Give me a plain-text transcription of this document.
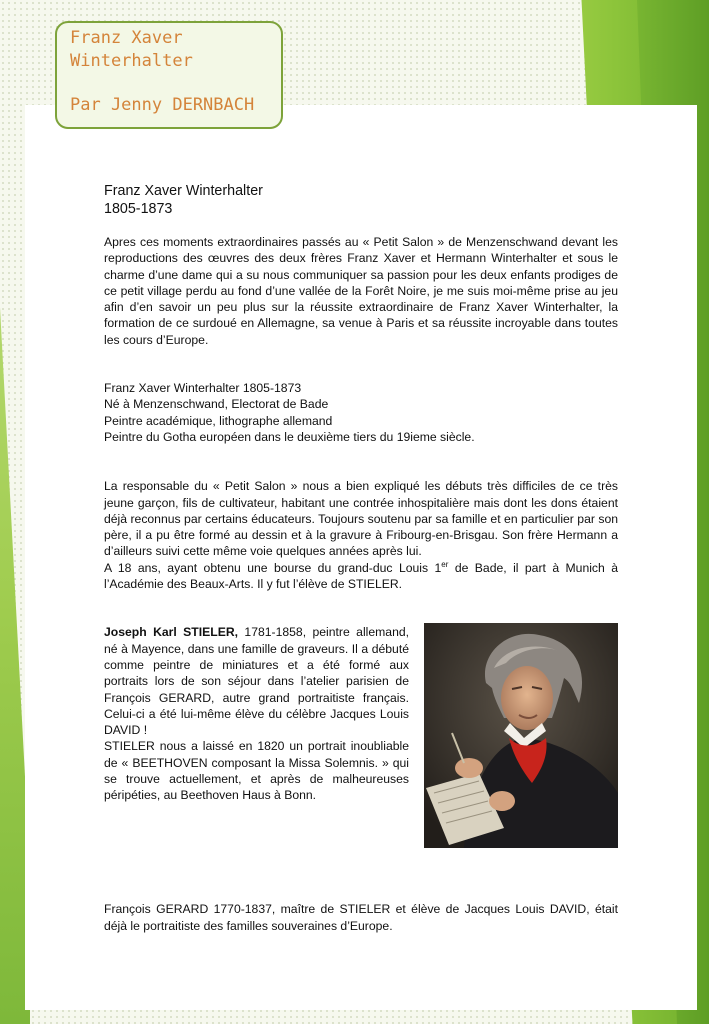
Franz Xaver
Winterhalter
Par Jenny DERNBACH
Franz Xaver Winterhalter
1805-1873

Apres ces moments extraordinaires passés au « Petit Salon » de Menzenschwand devant les reproductions des œuvres des deux frères Franz Xaver et Hermann Winterhalter et sous le charme d’une dame qui a su nous communiquer sa passion pour les deux enfants prodiges de ce petit village perdu au fond d’une vallée de la Forêt Noire, je me suis moi-même prise au jeu afin d’en savoir un peu plus sur la réussite extraordinaire de Franz Xaver Winterhalter, la formation de ce surdoué en Allemagne, sa venue à Paris et sa réussite incroyable dans toutes les cours d’Europe.

Franz Xaver Winterhalter 1805-1873
Né à Menzenschwand, Electorat de Bade
Peintre académique, lithographe allemand
Peintre du Gotha européen dans le deuxième tiers du 19ieme siècle.

La responsable du « Petit Salon » nous a bien expliqué les débuts très difficiles de ce très jeune garçon, fils de cultivateur, habitant une contrée inhospitalière mais dont les dons étaient déjà reconnus par certains éducateurs. Toujours soutenu par sa famille et en particulier par son père, il a pu être formé au dessin et à la gravure à Fribourg-en-Brisgau. Son frère Hermann a d’ailleurs suivi cette même voie quelques années après lui.

A 18 ans, ayant obtenu une bourse du grand-duc Louis 1er de Bade, il part à Munich à l’Académie des Beaux-Arts. Il y fut l’élève de STIELER.

Joseph Karl STIELER, 1781-1858, peintre allemand, né à Mayence, dans une famille de graveurs. Il a débuté comme peintre de miniatures et a été formé aux portraits lors de son séjour dans l’atelier parisien de François GERARD, autre grand portraitiste français. Celui-ci a été lui-même élève du célèbre Jacques Louis DAVID !
STIELER nous a laissé en 1820 un portrait inoubliable de « BEETHOVEN composant la Missa Solemnis. » qui se trouve actuellement, et après de malheureuses péripéties, au Beethoven Haus à Bonn.

François GERARD 1770-1837, maître de STIELER et élève de Jacques Louis DAVID, était déjà le portraitiste des familles souveraines d’Europe.
